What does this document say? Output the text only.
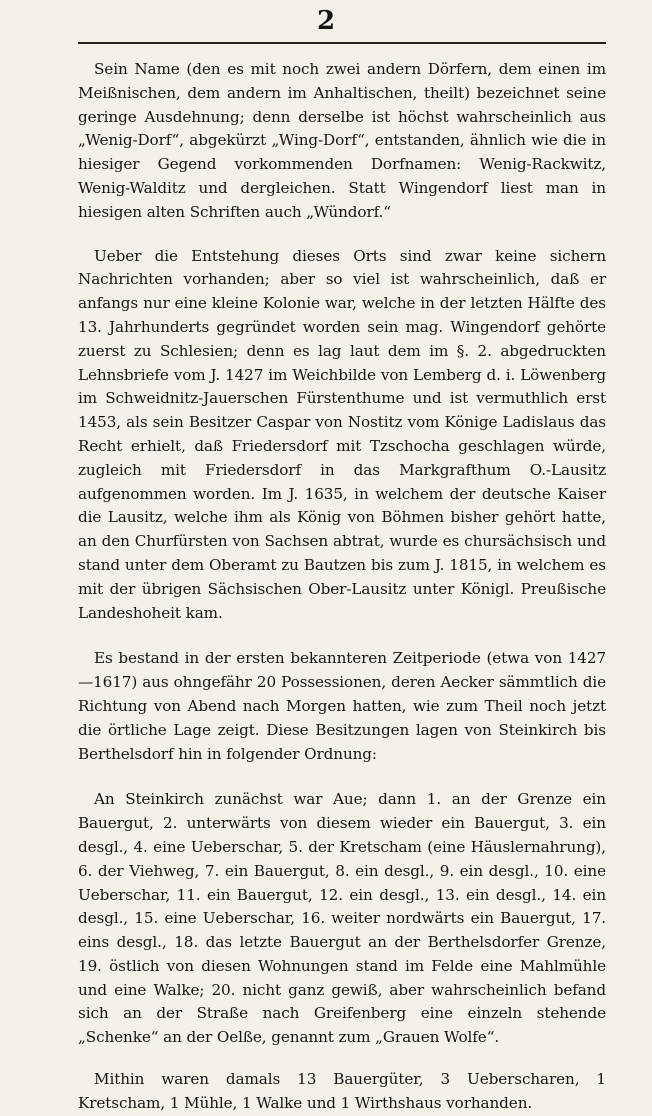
2

Sein Name (den es mit noch zwei andern Dörfern, dem einen im Meißnischen, dem andern im Anhaltischen, theilt) bezeichnet seine geringe Ausdehnung; denn derselbe ist höchst wahrscheinlich aus „Wenig-Dorf“, abgekürzt „Wing-Dorf“, entstanden, ähnlich wie die in hiesiger Gegend vorkommenden Dorfnamen: Wenig-Rackwitz, Wenig-Walditz und dergleichen. Statt Wingendorf liest man in hiesigen alten Schriften auch „Wündorf.“

Ueber die Entstehung dieses Orts sind zwar keine sichern Nachrichten vorhanden; aber so viel ist wahrscheinlich, daß er anfangs nur eine kleine Kolonie war, welche in der letzten Hälfte des 13. Jahrhunderts gegründet worden sein mag. Wingendorf gehörte zuerst zu Schlesien; denn es lag laut dem im §. 2. abgedruckten Lehnsbriefe vom J. 1427 im Weichbilde von Lemberg d. i. Löwenberg im Schweidnitz-Jauerschen Fürstenthume und ist vermuthlich erst 1453, als sein Besitzer Caspar von Nostitz vom Könige Ladislaus das Recht erhielt, daß Friedersdorf mit Tzschocha geschlagen würde, zugleich mit Friedersdorf in das Markgrafthum O.-Lausitz aufgenommen worden. Im J. 1635, in welchem der deutsche Kaiser die Lausitz, welche ihm als König von Böhmen bisher gehört hatte, an den Churfürsten von Sachsen abtrat, wurde es chursächsisch und stand unter dem Oberamt zu Bautzen bis zum J. 1815, in welchem es mit der übrigen Sächsischen Ober-Lausitz unter Königl. Preußische Landeshoheit kam.

Es bestand in der ersten bekannteren Zeitperiode (etwa von 1427—1617) aus ohngefähr 20 Possessionen, deren Aecker sämmtlich die Richtung von Abend nach Morgen hatten, wie zum Theil noch jetzt die örtliche Lage zeigt. Diese Besitzungen lagen von Steinkirch bis Berthelsdorf hin in folgender Ordnung:

An Steinkirch zunächst war Aue; dann 1. an der Grenze ein Bauergut, 2. unterwärts von diesem wieder ein Bauergut, 3. ein desgl., 4. eine Ueberschar, 5. der Kretscham (eine Häuslernahrung), 6. der Viehweg, 7. ein Bauergut, 8. ein desgl., 9. ein desgl., 10. eine Ueberschar, 11. ein Bauergut, 12. ein desgl., 13. ein desgl., 14. ein desgl., 15. eine Ueberschar, 16. weiter nordwärts ein Bauergut, 17. eins desgl., 18. das letzte Bauergut an der Berthelsdorfer Grenze, 19. östlich von diesen Wohnungen stand im Felde eine Mahlmühle und eine Walke; 20. nicht ganz gewiß, aber wahrscheinlich befand sich an der Straße nach Greifenberg eine einzeln stehende „Schenke“ an der Oelße, genannt zum „Grauen Wolfe“.

Mithin waren damals 13 Bauergüter, 3 Ueberscharen, 1 Kretscham, 1 Mühle, 1 Walke und 1 Wirthshaus vorhanden.
